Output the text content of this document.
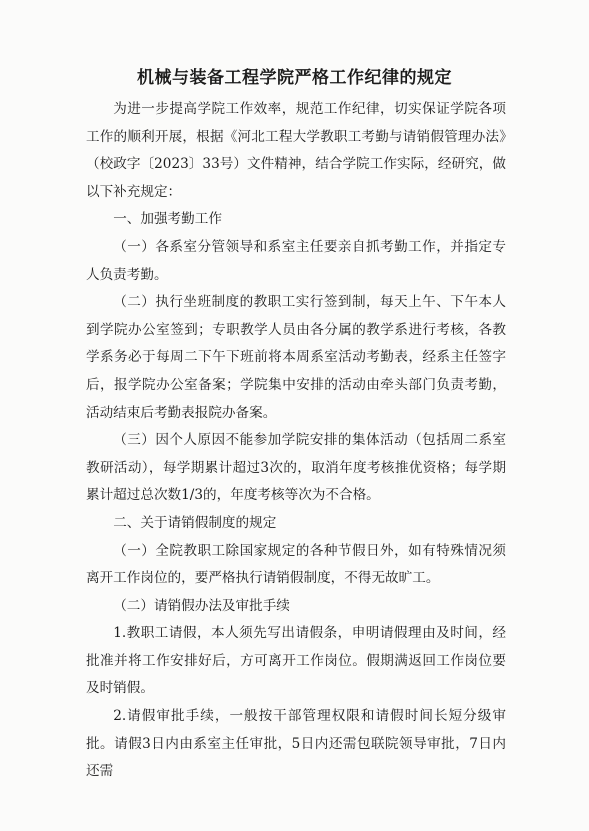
机械与装备工程学院严格工作纪律的规定

为进一步提高学院工作效率，规范工作纪律，切实保证学院各项工作的顺利开展，根据《河北工程大学教职工考勤与请销假管理办法》（校政字〔2023〕33号）文件精神，结合学院工作实际，经研究，做以下补充规定：

一、加强考勤工作

（一）各系室分管领导和系室主任要亲自抓考勤工作，并指定专人负责考勤。

（二）执行坐班制度的教职工实行签到制，每天上午、下午本人到学院办公室签到；专职教学人员由各分属的教学系进行考核，各教学系务必于每周二下午下班前将本周系室活动考勤表，经系主任签字后，报学院办公室备案；学院集中安排的活动由牵头部门负责考勤，活动结束后考勤表报院办备案。

（三）因个人原因不能参加学院安排的集体活动（包括周二系室教研活动），每学期累计超过3次的，取消年度考核推优资格；每学期累计超过总次数1/3的，年度考核等次为不合格。

二、关于请销假制度的规定

（一）全院教职工除国家规定的各种节假日外，如有特殊情况须离开工作岗位的，要严格执行请销假制度，不得无故旷工。

（二）请销假办法及审批手续

1.教职工请假，本人须先写出请假条，申明请假理由及时间，经批准并将工作安排好后，方可离开工作岗位。假期满返回工作岗位要及时销假。

2.请假审批手续，一般按干部管理权限和请假时间长短分级审批。请假3日内由系室主任审批，5日内还需包联院领导审批，7日内还需
